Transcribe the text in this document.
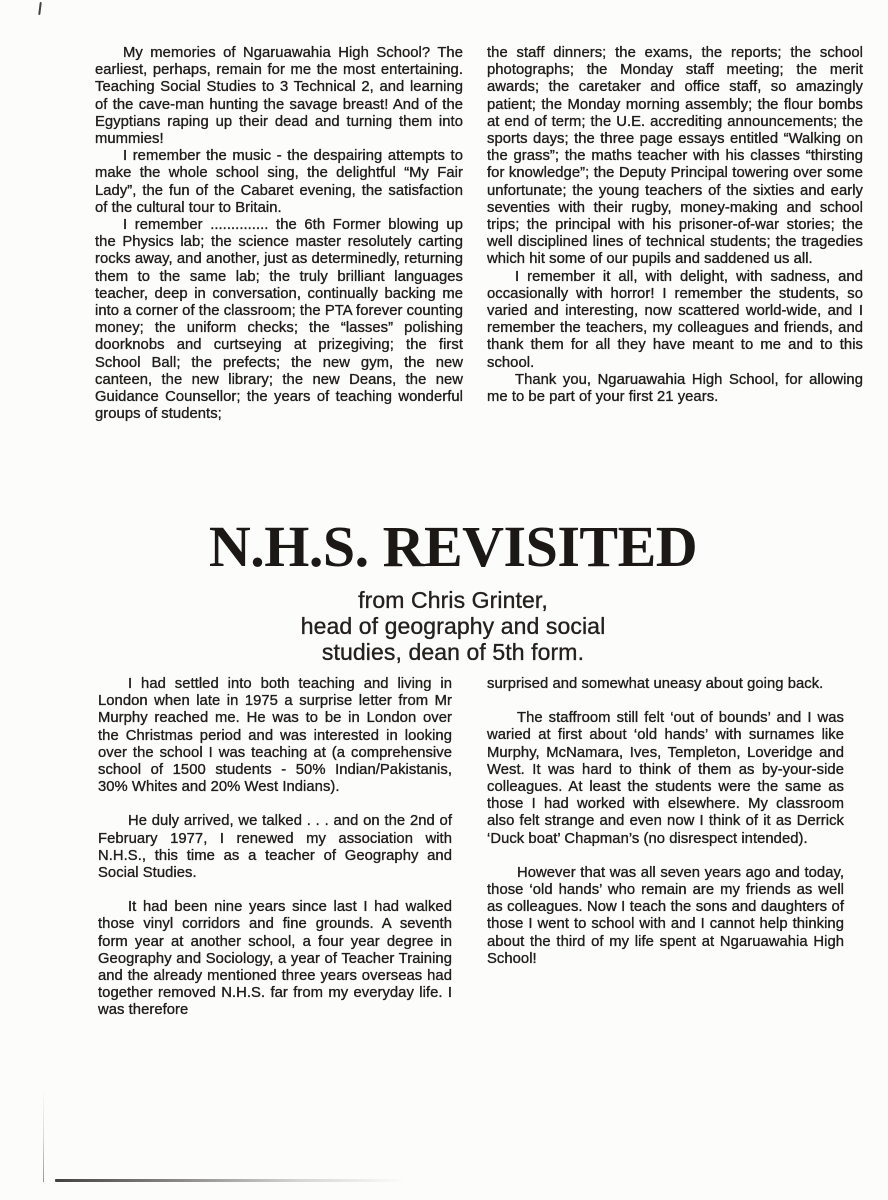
My memories of Ngaruawahia High School? The earliest, perhaps, remain for me the most entertaining. Teaching Social Studies to 3 Technical 2, and learning of the cave-man hunting the savage breast! And of the Egyptians raping up their dead and turning them into mummies!

I remember the music - the despairing attempts to make the whole school sing, the delightful “My Fair Lady”, the fun of the Cabaret evening, the satisfaction of the cultural tour to Britain.

I remember .............. the 6th Former blowing up the Physics lab; the science master resolutely carting rocks away, and another, just as determinedly, returning them to the same lab; the truly brilliant languages teacher, deep in conversation, continually backing me into a corner of the classroom; the PTA forever counting money; the uniform checks; the “lasses” polishing doorknobs and curtseying at prizegiving; the first School Ball; the prefects; the new gym, the new canteen, the new library; the new Deans, the new Guidance Counsellor; the years of teaching wonderful groups of students;

the staff dinners; the exams, the reports; the school photographs; the Monday staff meeting; the merit awards; the caretaker and office staff, so amazingly patient; the Monday morning assembly; the flour bombs at end of term; the U.E. accrediting announcements; the sports days; the three page essays entitled “Walking on the grass”; the maths teacher with his classes “thirsting for knowledge”; the Deputy Principal towering over some unfortunate; the young teachers of the sixties and early seventies with their rugby, money-making and school trips; the principal with his prisoner-of-war stories; the well disciplined lines of technical students; the tragedies which hit some of our pupils and saddened us all.

I remember it all, with delight, with sadness, and occasionally with horror! I remember the students, so varied and interesting, now scattered world-wide, and I remember the teachers, my colleagues and friends, and thank them for all they have meant to me and to this school.

Thank you, Ngaruawahia High School, for allowing me to be part of your first 21 years.

N.H.S. REVISITED
from Chris Grinter,
head of geography and social
studies, dean of 5th form.

I had settled into both teaching and living in London when late in 1975 a surprise letter from Mr Murphy reached me. He was to be in London over the Christmas period and was interested in looking over the school I was teaching at (a comprehensive school of 1500 students - 50% Indian/Pakistanis, 30% Whites and 20% West Indians).

He duly arrived, we talked . . . and on the 2nd of February 1977, I renewed my association with N.H.S., this time as a teacher of Geography and Social Studies.

It had been nine years since last I had walked those vinyl corridors and fine grounds. A seventh form year at another school, a four year degree in Geography and Sociology, a year of Teacher Training and the already mentioned three years overseas had together removed N.H.S. far from my everyday life. I was therefore

surprised and somewhat uneasy about going back.

The staffroom still felt ‘out of bounds’ and I was waried at first about ‘old hands’ with surnames like Murphy, McNamara, Ives, Templeton, Loveridge and West. It was hard to think of them as by-your-side colleagues. At least the students were the same as those I had worked with elsewhere. My classroom also felt strange and even now I think of it as Derrick ‘Duck boat’ Chapman’s (no disrespect intended).

However that was all seven years ago and today, those ‘old hands’ who remain are my friends as well as colleagues. Now I teach the sons and daughters of those I went to school with and I cannot help thinking about the third of my life spent at Ngaruawahia High School!
